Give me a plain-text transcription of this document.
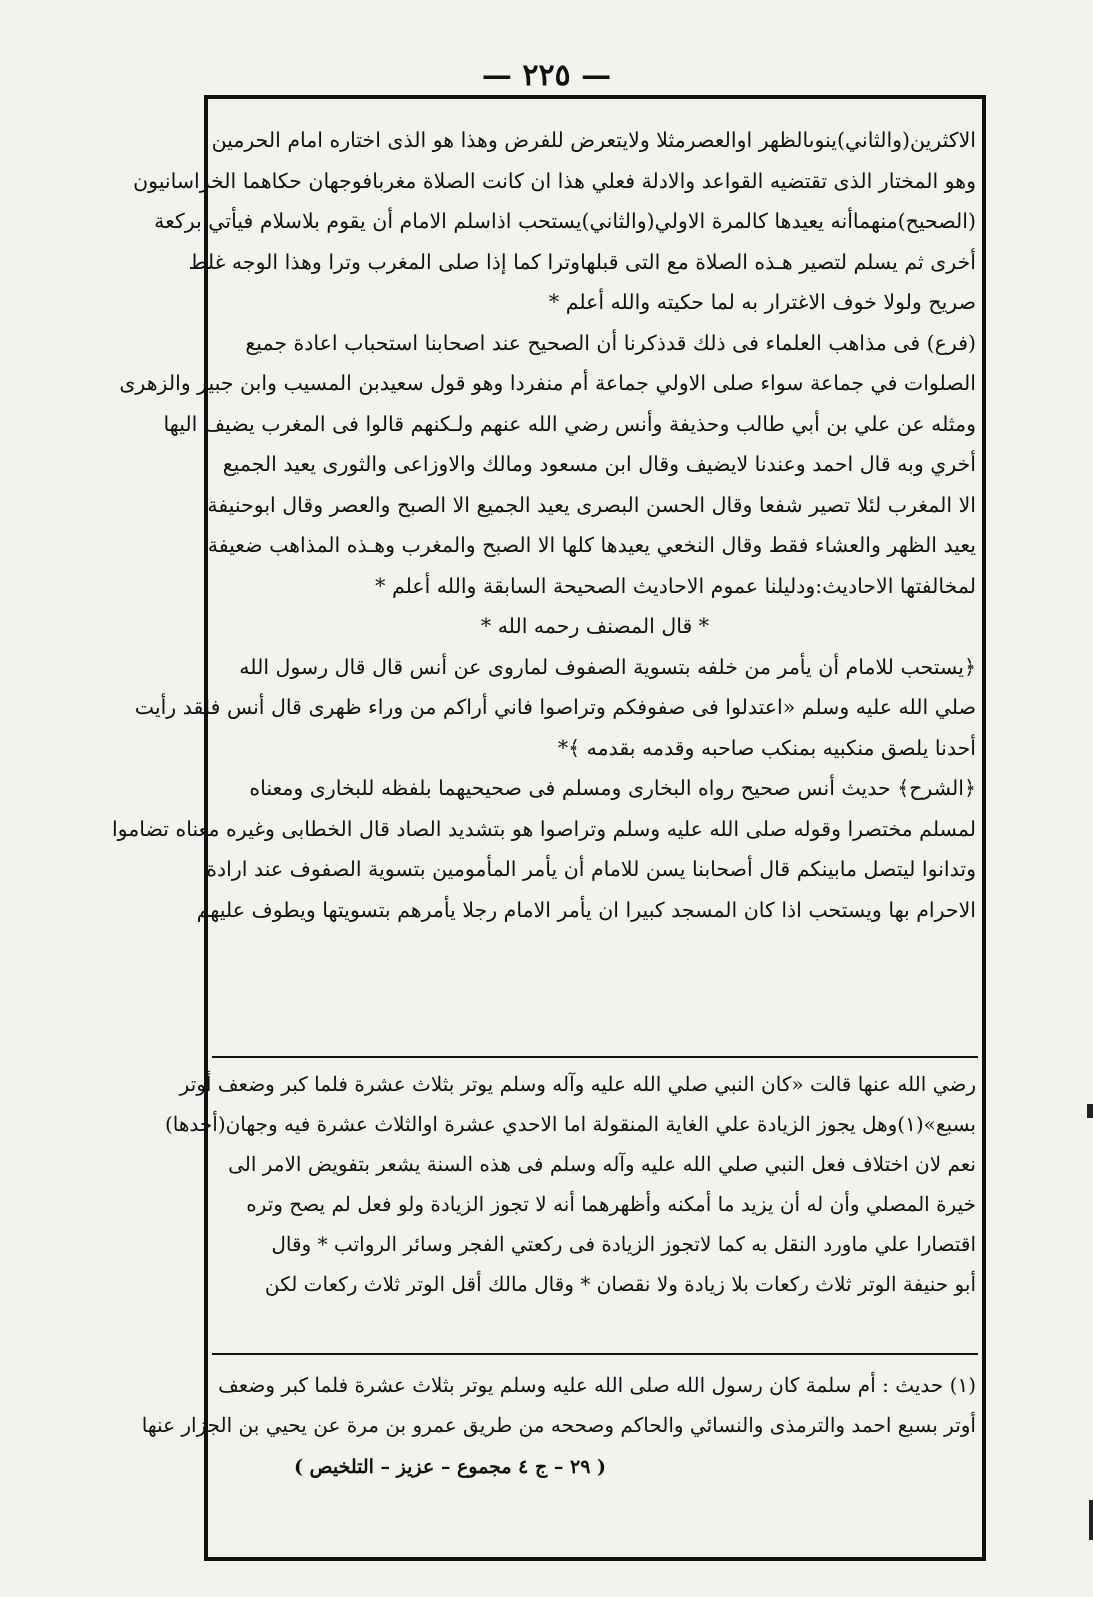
— ٢٢٥ —
الاكثرين(والثاني)ينوىالظهر اوالعصرمثلا ولايتعرض للفرض وهذا هو الذى اختاره امام الحرمين
وهو المختار الذى تقتضيه القواعد والادلة فعلي هذا ان كانت الصلاة مغربافوجهان حكاهما الخراسانيون
(الصحيح)منهماأنه يعيدها كالمرة الاولي(والثاني)يستحب اذاسلم الامام أن يقوم بلاسلام فيأتي بركعة
أخرى ثم يسلم لتصير هـذه الصلاة مع التى قبلهاوترا كما إذا صلى المغرب وترا وهذا الوجه غلط
صريح ولولا خوف الاغترار به لما حكيته والله أعلم *
(فرع) فى مذاهب العلماء فى ذلك قدذكرنا أن الصحيح عند اصحابنا استحباب اعادة جميع
الصلوات في جماعة سواء صلى الاولي جماعة أم منفردا وهو قول سعيدبن المسيب وابن جبير والزهرى
ومثله عن علي بن أبي طالب وحذيفة وأنس رضي الله عنهم ولـكنهم قالوا فى المغرب يضيف اليها
أخري وبه قال احمد وعندنا لايضيف وقال ابن مسعود ومالك والاوزاعى والثورى يعيد الجميع
الا المغرب لئلا تصير شفعا وقال الحسن البصرى يعيد الجميع الا الصبح والعصر وقال ابوحنيفة
يعيد الظهر والعشاء فقط وقال النخعي يعيدها كلها الا الصبح والمغرب وهـذه المذاهب ضعيفة
لمخالفتها الاحاديث:ودليلنا عموم الاحاديث الصحيحة السابقة والله أعلم *
* قال المصنف رحمه الله *
﴿يستحب للامام أن يأمر من خلفه بتسوية الصفوف لماروى عن أنس قال قال رسول الله
صلي الله عليه وسلم «اعتدلوا فى صفوفكم وتراصوا فاني أراكم من وراء ظهرى قال أنس فلقد رأيت
أحدنا يلصق منكبيه بمنكب صاحبه وقدمه بقدمه ﴾*
﴿الشرح﴾ حديث أنس صحيح رواه البخارى ومسلم فى صحيحيهما بلفظه للبخارى ومعناه
لمسلم مختصرا وقوله صلى الله عليه وسلم وتراصوا هو بتشديد الصاد قال الخطابى وغيره معناه تضاموا
وتدانوا ليتصل مابينكم قال أصحابنا يسن للامام أن يأمر المأمومين بتسوية الصفوف عند ارادة
الاحرام بها ويستحب اذا كان المسجد كبيرا ان يأمر الامام رجلا يأمرهم بتسويتها ويطوف عليهم
رضي الله عنها قالت «كان النبي صلي الله عليه وآله وسلم يوتر بثلاث عشرة فلما كبر وضعف أوتر
بسبع»(١)وهل يجوز الزيادة علي الغاية المنقولة اما الاحدي عشرة اوالثلاث عشرة فيه وجهان(أحدها)
نعم لان اختلاف فعل النبي صلي الله عليه وآله وسلم فى هذه السنة يشعر بتفويض الامر الى
خيرة المصلي وأن له أن يزيد ما أمكنه وأظهرهما أنه لا تجوز الزيادة ولو فعل لم يصح وتره
اقتصارا علي ماورد النقل به كما لاتجوز الزيادة فى ركعتي الفجر وسائر الرواتب * وقال
أبو حنيفة الوتر ثلاث ركعات بلا زيادة ولا نقصان * وقال مالك أقل الوتر ثلاث ركعات لكن
(١) حديث : أم سلمة كان رسول الله صلى الله عليه وسلم يوتر بثلاث عشرة فلما كبر وضعف
أوتر بسبع احمد والترمذى والنسائي والحاكم وصححه من طريق عمرو بن مرة عن يحيي بن الجزار عنها
( ٢٩ – ج ٤ مجموع – عزيز – التلخيص )
